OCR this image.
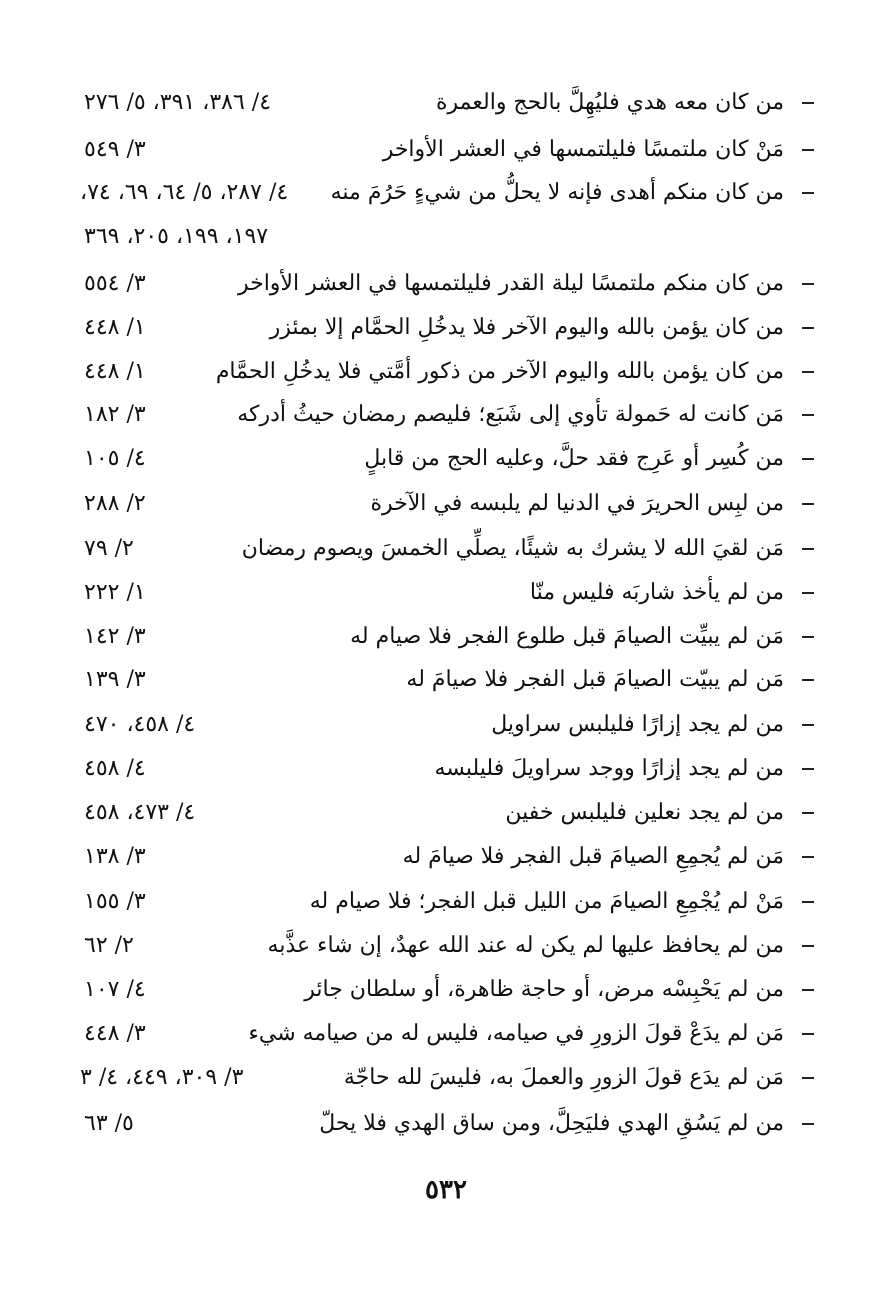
من كان معه هدي فليُهِلَّ بالحج والعمرة
٤/ ٣٨٦، ٣٩١، ٥/ ٢٧٦
مَنْ كان ملتمسًا فليلتمسها في العشر الأواخر
٣/ ٥٤٩
من كان منكم أهدى فإنه لا يحلُّ من شيءٍ حَرُمَ منه
٤/ ٢٨٧، ٥/ ٦٤، ٦٩، ٧٤،
١٩٧، ١٩٩، ٢٠٥، ٣٦٩
من كان منكم ملتمسًا ليلة القدر فليلتمسها في العشر الأواخر
٣/ ٥٥٤
من كان يؤمن بالله واليوم الآخر فلا يدخُلِ الحمَّام إلا بمئزر
١/ ٤٤٨
من كان يؤمن بالله واليوم الآخر من ذكور أمَّتي فلا يدخُلِ الحمَّام
١/ ٤٤٨
مَن كانت له حَمولة تأوي إلى شَبَع؛ فليصم رمضان حيثُ أدركه
٣/ ١٨٢
من كُسِر أو عَرِج فقد حلَّ، وعليه الحج من قابلٍ
٤/ ١٠٥
من لبِس الحريرَ في الدنيا لم يلبسه في الآخرة
٢/ ٢٨٨
مَن لقيَ الله لا يشرك به شيئًا، يصلِّي الخمسَ ويصوم رمضان
٢/ ٧٩
من لم يأخذ شاربَه فليس منّا
١/ ٢٢٢
مَن لم يبيِّت الصيامَ قبل طلوع الفجر فلا صيام له
٣/ ١٤٢
مَن لم يبيّت الصيامَ قبل الفجر فلا صيامَ له
٣/ ١٣٩
من لم يجد إزارًا فليلبس سراويل
٤/ ٤٥٨، ٤٧٠
من لم يجد إزارًا ووجد سراويلَ فليلبسه
٤/ ٤٥٨
من لم يجد نعلين فليلبس خفين
٤/ ٤٧٣، ٤٥٨
مَن لم يُجمِعِ الصيامَ قبل الفجر فلا صيامَ له
٣/ ١٣٨
مَنْ لم يُجْمِعِ الصيامَ من الليل قبل الفجر؛ فلا صيام له
٣/ ١٥٥
من لم يحافظ عليها لم يكن له عند الله عهدٌ، إن شاء عذَّبه
٢/ ٦٢
من لم يَحْبِسْه مرض، أو حاجة ظاهرة، أو سلطان جائر
٤/ ١٠٧
مَن لم يدَعْ قولَ الزورِ في صيامه، فليس له من صيامه شيء
٣/ ٤٤٨
مَن لم يدَع قولَ الزورِ والعملَ به، فليسَ لله حاجّة
٣/ ٣٠٩، ٤٤٩، ٤/ ٣
من لم يَسُقِ الهدي فليَحِلَّ، ومن ساق الهدي فلا يحلّ
٥/ ٦٣
٥٣٢
